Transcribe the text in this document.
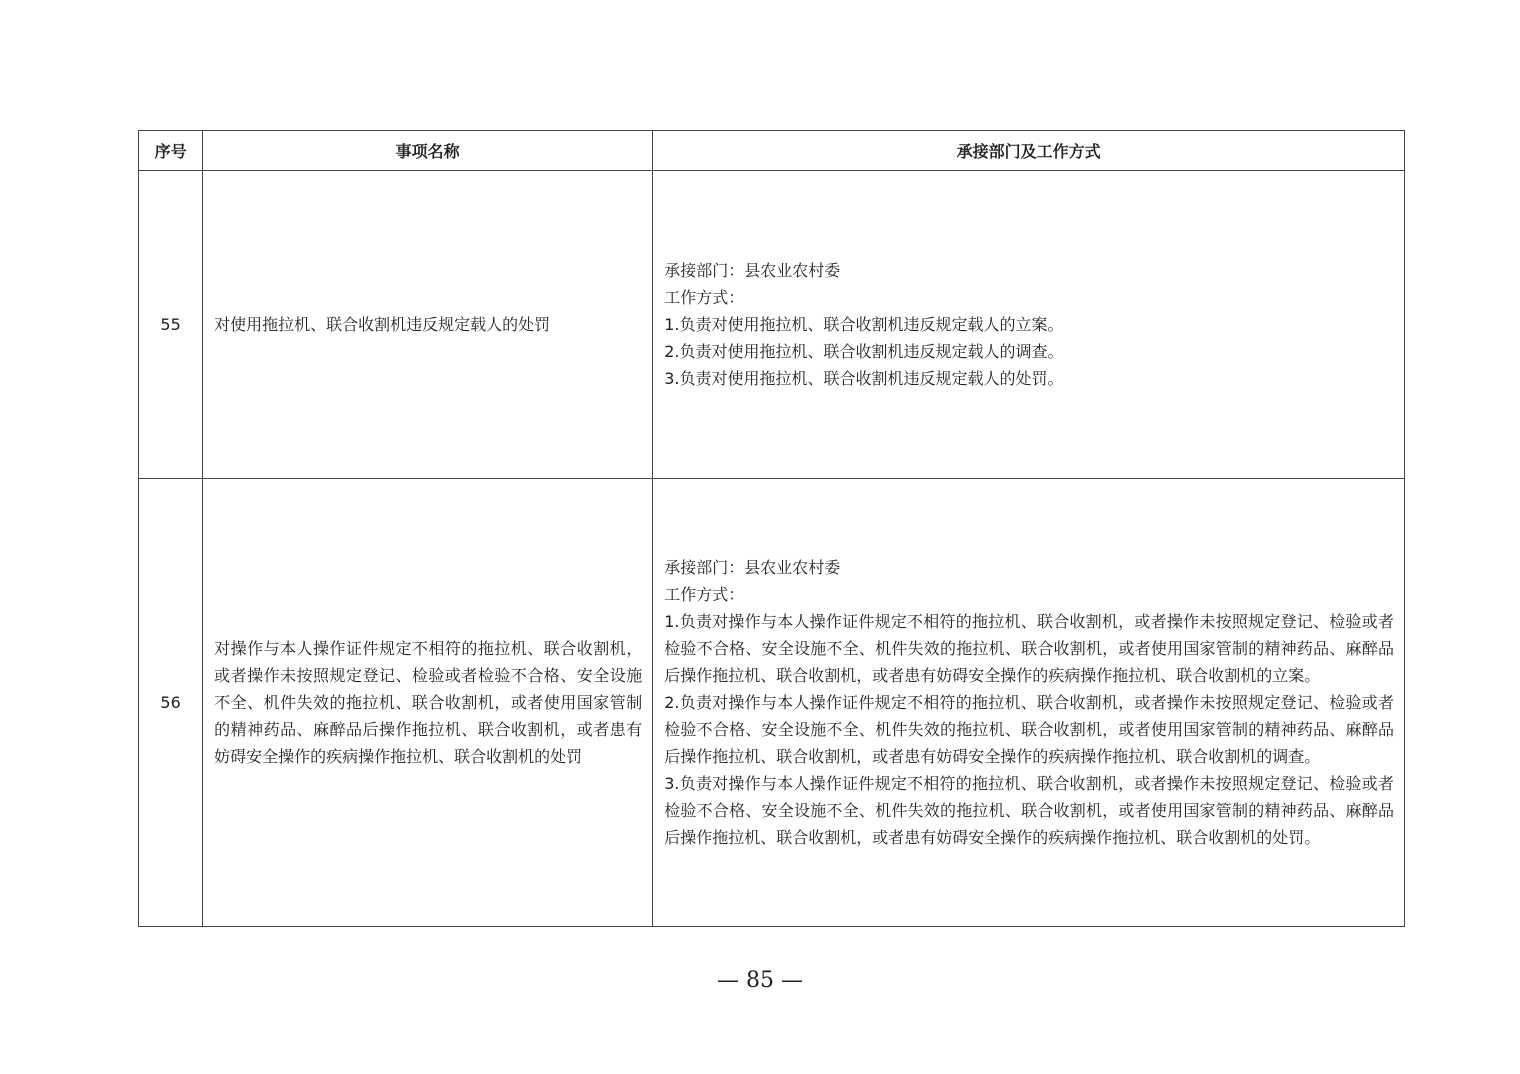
序号	事项名称	承接部门及工作方式
55	对使用拖拉机、联合收割机违反规定载人的处罚	承接部门：县农业农村委
工作方式：
1.负责对使用拖拉机、联合收割机违反规定载人的立案。
2.负责对使用拖拉机、联合收割机违反规定载人的调查。
3.负责对使用拖拉机、联合收割机违反规定载人的处罚。

56	对操作与本人操作证件规定不相符的拖拉机、联合收割机，或者操作未按照规定登记、检验或者检验不合格、安全设施不全、机件失效的拖拉机、联合收割机，或者使用国家管制的精神药品、麻醉品后操作拖拉机、联合收割机，或者患有妨碍安全操作的疾病操作拖拉机、联合收割机的处罚	承接部门：县农业农村委
工作方式：
1.负责对操作与本人操作证件规定不相符的拖拉机、联合收割机，或者操作未按照规定登记、检验或者检验不合格、安全设施不全、机件失效的拖拉机、联合收割机，或者使用国家管制的精神药品、麻醉品后操作拖拉机、联合收割机，或者患有妨碍安全操作的疾病操作拖拉机、联合收割机的立案。
2.负责对操作与本人操作证件规定不相符的拖拉机、联合收割机，或者操作未按照规定登记、检验或者检验不合格、安全设施不全、机件失效的拖拉机、联合收割机，或者使用国家管制的精神药品、麻醉品后操作拖拉机、联合收割机，或者患有妨碍安全操作的疾病操作拖拉机、联合收割机的调查。
3.负责对操作与本人操作证件规定不相符的拖拉机、联合收割机，或者操作未按照规定登记、检验或者检验不合格、安全设施不全、机件失效的拖拉机、联合收割机，或者使用国家管制的精神药品、麻醉品后操作拖拉机、联合收割机，或者患有妨碍安全操作的疾病操作拖拉机、联合收割机的处罚。
— 85 —
